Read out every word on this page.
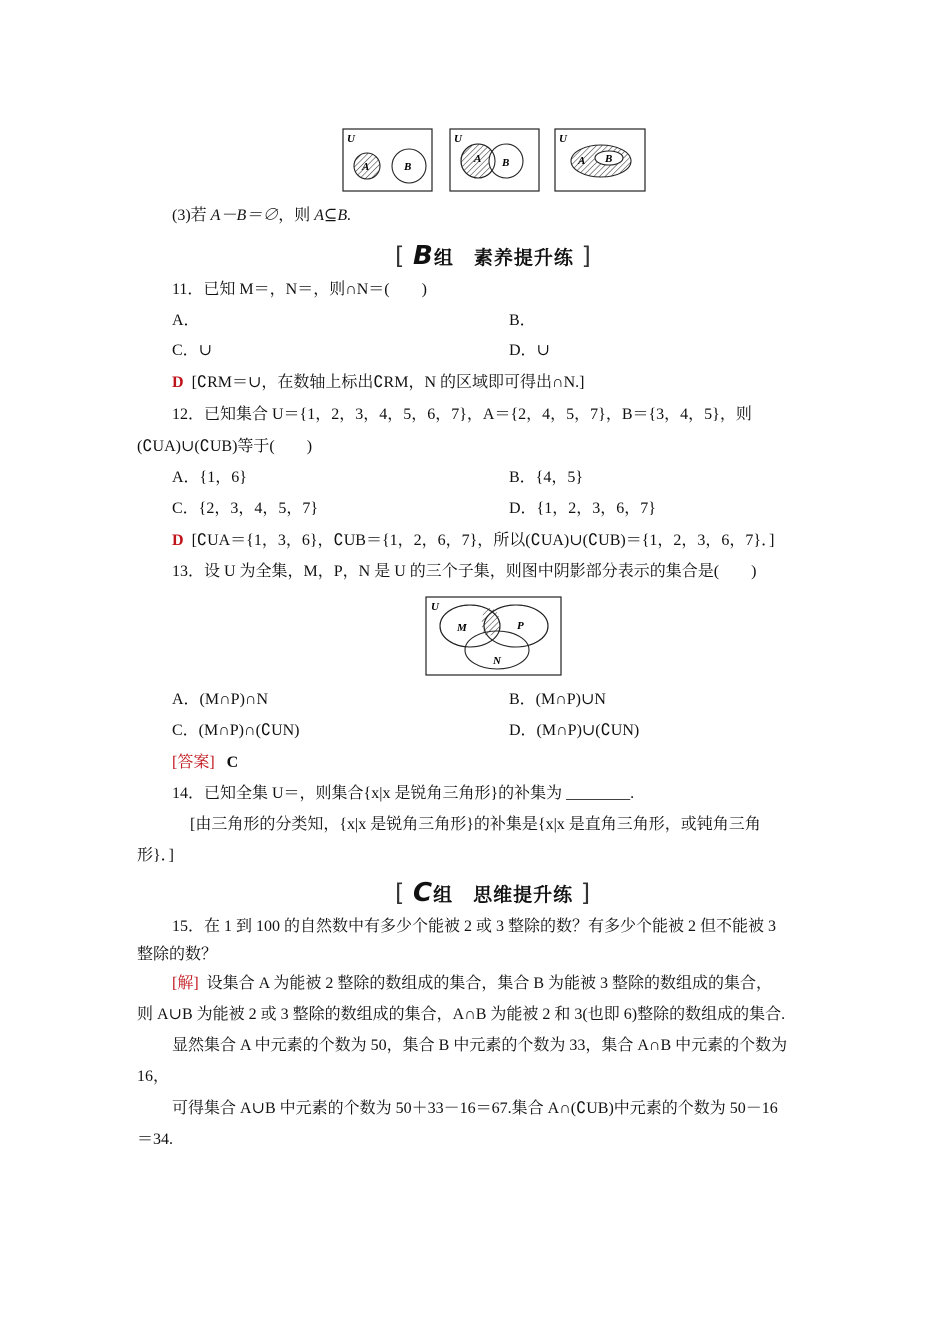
U
A	B
U
A B
U
A B
(3)若 A－B＝∅，则 A⊆B.
[ B组　素养提升练 ]
11．已知 M＝，N＝，则∩N＝(　　)
A．	B．
C．∪	D．∪
D [∁RM＝∪，在数轴上标出∁RM，N 的区域即可得出∩N.]
12．已知集合 U＝{1，2，3，4，5，6，7}，A＝{2，4，5，7}，B＝{3，4，5}，则
(∁UA)∪(∁UB)等于(　　)
A．{1，6}	B．{4，5}
C．{2，3，4，5，7}	D．{1，2，3，6，7}
D [∁UA＝{1，3，6}，∁UB＝{1，2，6，7}，所以(∁UA)∪(∁UB)＝{1，2，3，6，7}．]
13．设 U 为全集，M，P，N 是 U 的三个子集，则图中阴影部分表示的集合是(　　)
U
M	P
N
A．(M∩P)∩N	B．(M∩P)∪N
C．(M∩P)∩(∁UN)	D．(M∩P)∪(∁UN)
[答案] C
14．已知全集 U＝，则集合{x|x 是锐角三角形}的补集为 ________.
[由三角形的分类知，{x|x 是锐角三角形}的补集是{x|x 是直角三角形，或钝角三角
形}．]
[ C组　思维提升练 ]
15．在 1 到 100 的自然数中有多少个能被 2 或 3 整除的数？有多少个能被 2 但不能被 3
整除的数？
[解] 设集合 A 为能被 2 整除的数组成的集合，集合 B 为能被 3 整除的数组成的集合，
则 A∪B 为能被 2 或 3 整除的数组成的集合，A∩B 为能被 2 和 3(也即 6)整除的数组成的集合.
显然集合 A 中元素的个数为 50，集合 B 中元素的个数为 33，集合 A∩B 中元素的个数为
16，
可得集合 A∪B 中元素的个数为 50＋33－16＝67.集合 A∩(∁UB)中元素的个数为 50－16
＝34.
